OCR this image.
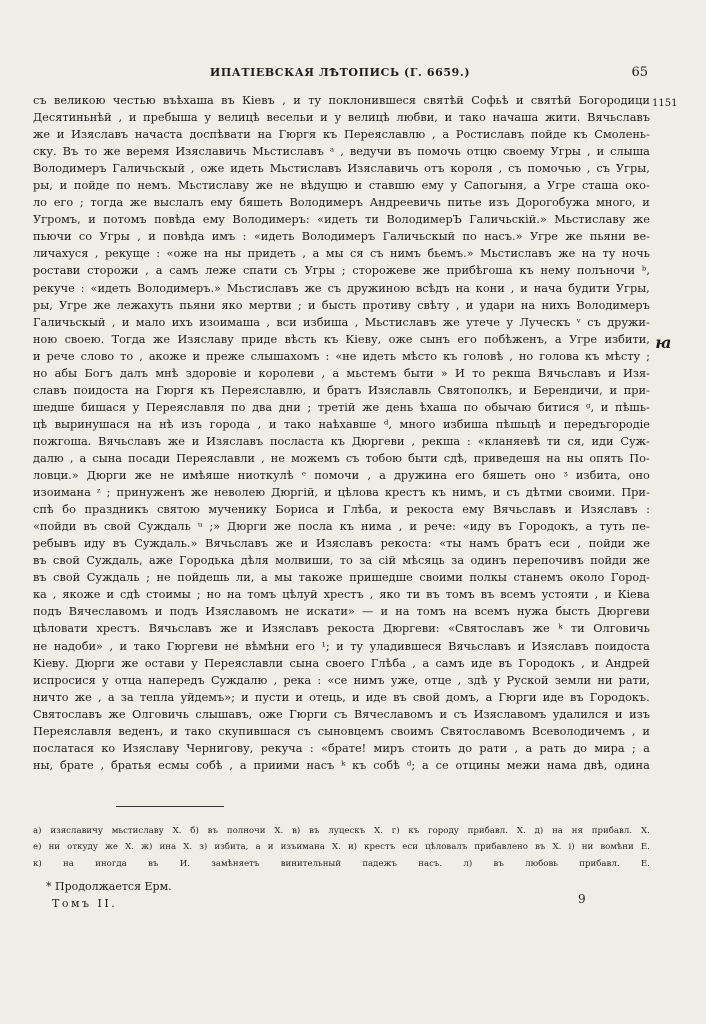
ИПАТІЕВСКАЯ ЛѢТОПИСЬ (Г. 6659.)	65
1151
ꙗ
съ великою честью въѣхаша въ Кіевъ , и ту поклонившеся святѣй Софьѣ и святѣй Богородици
Десятиньнѣй , и пребыша у велицѣ весельи и у велицѣ любви, и тако начаша жити. Вячьславъ
же и Изяславъ начаста доспѣвати на Гюргя къ Переяславлю , а Ростиславъ пойде къ Смолень-
ску. Въ то же веремя Изяславичь Мьстиславъ ᵃ , ведучи въ помочь отцю своему Угры , и слыша
Володимеръ Галичьскый , оже идеть Мьстиславъ Изяславичь отъ короля , съ помочью , съ Угры,
ры, и пойде по немъ. Мьстиславу же не вѣдущю и ставшю ему у Сапогыня, а Угре сташа око-
ло его ; тогда же выслалъ ему бяшеть Володимеръ Андреевичь питье изъ Дорогобужа много, и
Угромъ, и потомъ повѣда ему Володимеръ: «идеть ти ВолодимерЪ Галичьскій.» Мьстиславу же
пьючи со Угры , и повѣда имъ : «идеть Володимеръ Галичьскый по насъ.» Угре же пьяни ве-
личахуся , рекуще : «оже на ны придеть , а мы ся съ нимъ бьемъ.» Мьстиславъ же на ту ночь
ростави сторожи , а самъ леже спати съ Угры ; сторожеве же прибѣгоша къ нему полъночи ᵇ,
рекуче : «идеть Володимеръ.» Мьстиславъ же съ дружиною всѣдъ на кони , и нача будити Угры,
ры, Угре же лежахуть пьяни яко мертви ; и бысть противу свѣту , и удари на нихъ Володимеръ
Галичьскый , и мало ихъ изоимаша , вси избиша , Мьстиславъ же утече у Луческъ ᵛ съ дружи-
ною своею. Тогда же Изяславу приде вѣсть къ Кіеву, оже сынъ его побѣженъ, а Угре избити,
и рече слово то , акоже и преже слышахомъ : «не идеть мѣсто къ головѣ , но голова къ мѣсту ;
но абы Богъ далъ мнѣ здоровіе и королеви , а мьстемъ быти » И то рекша Вячьславъ и Изя-
славъ поидоста на Гюргя къ Переяславлю, и братъ Изяславль Святополкъ, и Берендичи, и при-
шедше бишася у Переяславля по два дни ; третій же день ѣхаша по обычаю битися ᶢ, и пѣшь-
цѣ выринушася на нѣ изъ города , и тако наѣхавше ᵈ, много избиша пѣшьцѣ и передъгородіе
пожгоша. Вячьславъ же и Изяславъ посласта къ Дюргеви , рекша : «кланяевѣ ти ся, иди Суж-
далю , а сына посади Переяславли , не можемъ съ тобою быти сдѣ, приведешя на ны опять По-
ловци.» Дюрги же не имѣяше ниоткулѣ ᵉ помочи , а дружина его бяшеть оно ᶾ избита, оно
изоимана ᶻ ; принуженъ же неволею Дюргій, и цѣлова крестъ къ нимъ, и съ дѣтми своими. При-
спѣ бо праздникъ святою мученику Бориса и Глѣба, и рекоста ему Вячьславъ и Изяславъ :
«пойди въ свой Суждаль ᵘ ;» Дюрги же посла къ нима , и рече: «иду въ Городокъ, а туть пе-
ребывъ иду въ Суждаль.» Вячьславъ же и Изяславъ рекоста: «ты намъ братъ еси , пойди же
въ свой Суждаль, аже Городька дѣля молвиши, то за сій мѣсяць за одинъ перепочивъ пойди же
въ свой Суждаль ; не пойдешь ли, а мы такоже пришедше своими полкы станемъ около Город-
ка , якоже и сдѣ стоимы ; но на томъ цѣлуй хрестъ , яко ти въ томъ въ всемъ устояти , и Кіева
подъ Вячеславомъ и подъ Изяславомъ не искати» — и на томъ на всемъ нужа бысть Дюргеви
цѣловати хрестъ. Вячьславъ же и Изяславъ рекоста Дюргеви: «Святославъ же ᵏ ти Олговичь
не надоби» , и тако Гюргеви не вѣмѣни его ¹; и ту уладившеся Вячьславъ и Изяславъ поидоста
Кіеву. Дюрги же остави у Переяславли сына своего Глѣба , а самъ иде въ Городокъ , и Андрей
испросися у отца напередъ Суждалю , река : «се нимъ уже, отце , здѣ у Руской земли ни рати,
ничто же , а за тепла уйдемъ»; и пусти и отець, и иде въ свой домъ, а Гюрги иде въ Городокъ.
Святославъ же Олговичь слышавъ, оже Гюрги съ Вячеславомъ и съ Изяславомъ удалился и изъ
Переяславля веденъ, и тако скупившася съ сыновцемъ своимъ Святославомъ Всеволодичемъ , и
послатася ко Изяславу Чернигову, рекуча : «брате! миръ стоить до рати , а рать до мира ; а
ны, брате , братья есмы собѣ , а приими насъ ᵏ къ собѣ ᵈ; а се отцины межи нама двѣ, одина
а) изяславичу мьстиславу Х. б) въ полночи Х. в) въ луцескъ Х. г) къ городу прибавл. Х. д) на ня прибавл. Х.
е) ни откуду же Х. ж) ина Х. з) избита, а и изъимана Х. и) крестъ еси цѣловалъ прибавлено въ Х. і) ни вомѣни Е.
к) на иногда въ И. замѣняетъ винительный падежъ насъ. л) въ любовь прибавл. Е.
* Продолжается Ерм.
Томъ II.	9
